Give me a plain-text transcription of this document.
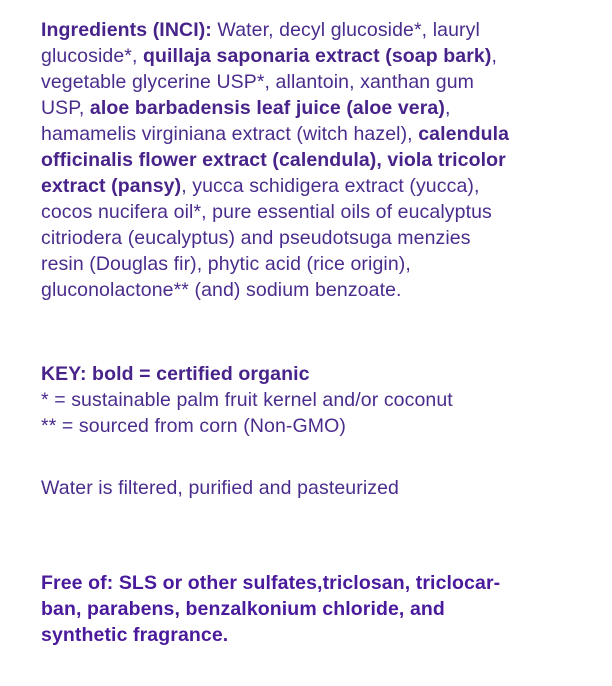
Ingredients (INCI): Water, decyl glucoside*, lauryl
glucoside*, quillaja saponaria extract (soap bark),
vegetable glycerine USP*, allantoin, xanthan gum
USP, aloe barbadensis leaf juice (aloe vera),
hamamelis virginiana extract (witch hazel), calendula
officinalis flower extract (calendula), viola tricolor
extract (pansy), yucca schidigera extract (yucca),
cocos nucifera oil*, pure essential oils of eucalyptus
citriodera (eucalyptus) and pseudotsuga menzies
resin (Douglas fir), phytic acid (rice origin),
gluconolactone** (and) sodium benzoate.
KEY: bold = certified organic
* = sustainable palm fruit kernel and/or coconut
** = sourced from corn (Non-GMO)
Water is filtered, purified and pasteurized
Free of: SLS or other sulfates,triclosan, triclocar-
ban, parabens, benzalkonium chloride, and
synthetic fragrance.
